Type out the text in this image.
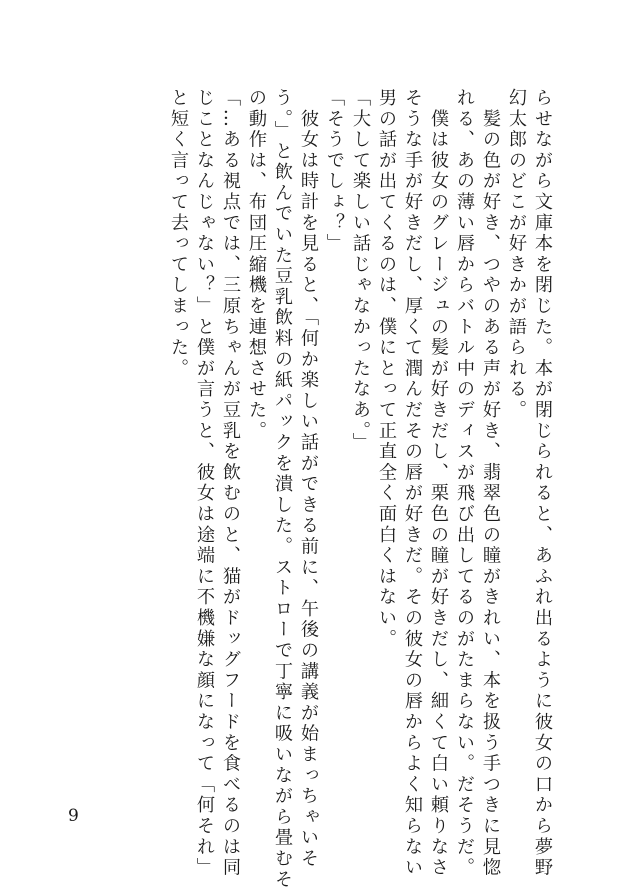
らせながら文庫本を閉じた。本が閉じられると、あふれ出るように彼女の口から夢野
幻太郎のどこが好きかが語られる。
　髪の色が好き、つやのある声が好き、翡翠色の瞳がきれい、本を扱う手つきに見惚
れる、あの薄い唇からバトル中のディスが飛び出してるのがたまらない。だそうだ。
　僕は彼女のグレージュの髪が好きだし、栗色の瞳が好きだし、細くて白い頼りなさ
そうな手が好きだし、厚くて潤んだその唇が好きだ。その彼女の唇からよく知らない
男の話が出てくるのは、僕にとって正直全く面白くはない。
「大して楽しい話じゃなかったなあ。」
「そうでしょ？」
　彼女は時計を見ると、「何か楽しい話ができる前に、午後の講義が始まっちゃいそ
う。」と飲んでいた豆乳飲料の紙パックを潰した。ストローで丁寧に吸いながら畳むそ
の動作は、布団圧縮機を連想させた。
「…ある視点では、三原ちゃんが豆乳を飲むのと、猫がドッグフードを食べるのは同
じことなんじゃない？」と僕が言うと、彼女は途端に不機嫌な顔になって「何それ」
と短く言って去ってしまった。
9
